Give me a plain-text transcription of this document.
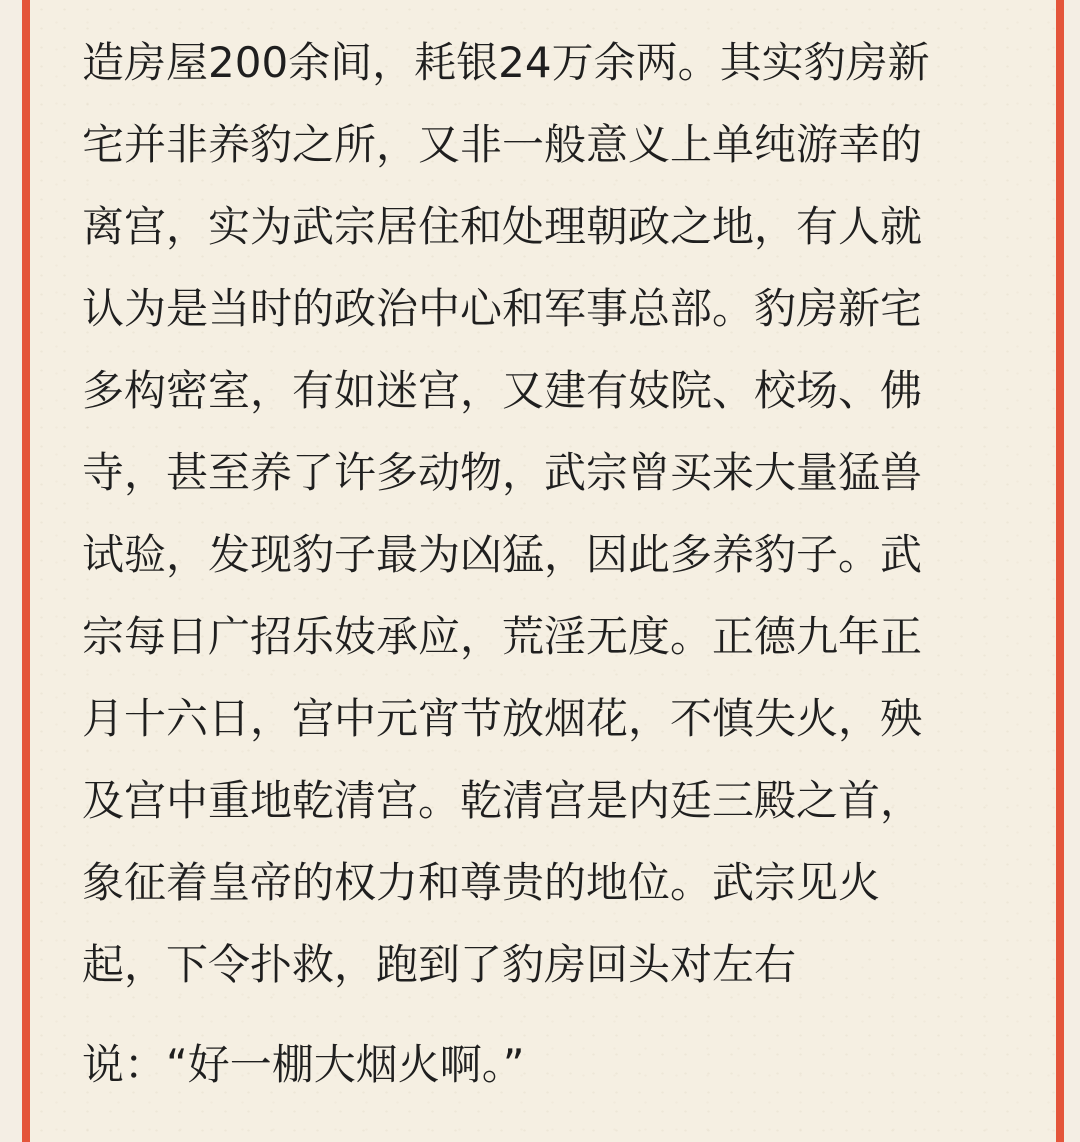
造房屋200余间，耗银24万余两。其实豹房新
宅并非养豹之所，又非一般意义上单纯游幸的
离宫，实为武宗居住和处理朝政之地，有人就
认为是当时的政治中心和军事总部。豹房新宅
多构密室，有如迷宫，又建有妓院、校场、佛
寺，甚至养了许多动物，武宗曾买来大量猛兽
试验，发现豹子最为凶猛，因此多养豹子。武
宗每日广招乐妓承应，荒淫无度。正德九年正
月十六日，宫中元宵节放烟花，不慎失火，殃
及宫中重地乾清宫。乾清宫是内廷三殿之首，
象征着皇帝的权力和尊贵的地位。武宗见火
起，下令扑救，跑到了豹房回头对左右
说：“好一棚大烟火啊。”
